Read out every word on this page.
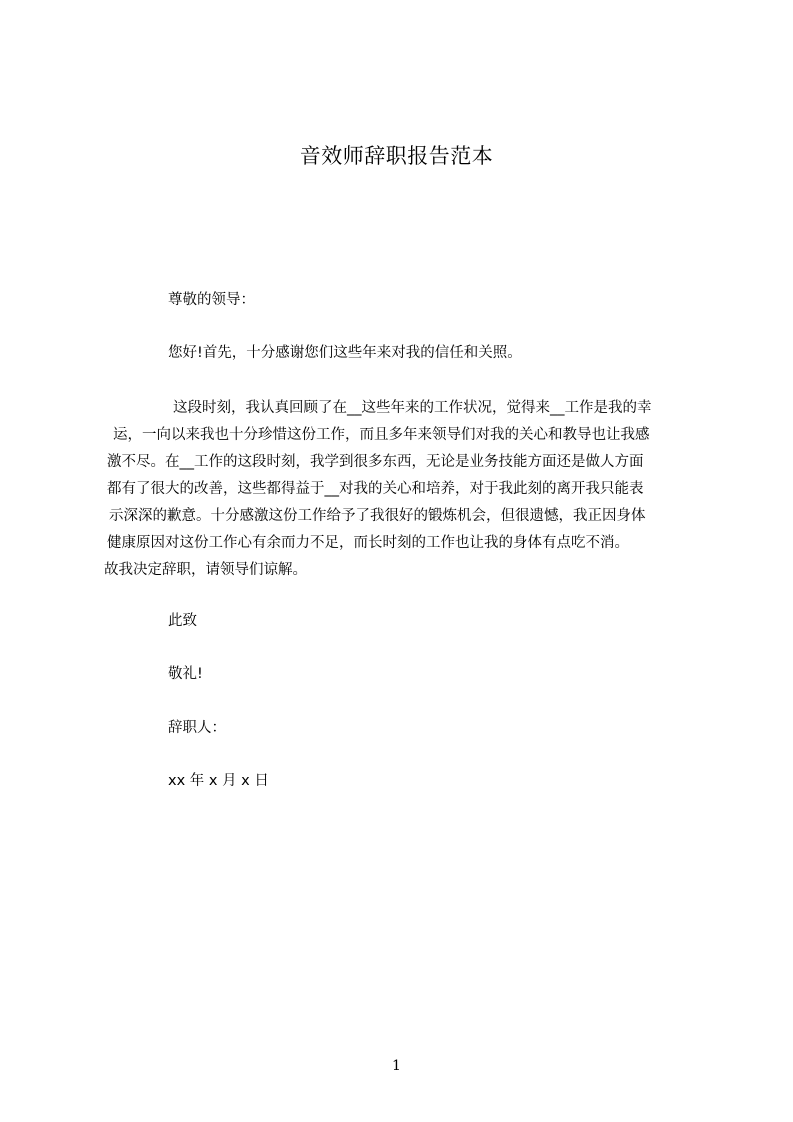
音效师辞职报告范本
尊敬的领导：
您好!首先，十分感谢您们这些年来对我的信任和关照。
这段时刻，我认真回顾了在__这些年来的工作状况，觉得来__工作是我的幸
运，一向以来我也十分珍惜这份工作，而且多年来领导们对我的关心和教导也让我感
激不尽。在__工作的这段时刻，我学到很多东西，无论是业务技能方面还是做人方面
都有了很大的改善，这些都得益于__对我的关心和培养，对于我此刻的离开我只能表
示深深的歉意。十分感激这份工作给予了我很好的锻炼机会，但很遗憾，我正因身体
健康原因对这份工作心有余而力不足，而长时刻的工作也让我的身体有点吃不消。
故我决定辞职，请领导们谅解。
此致
敬礼!
辞职人：
xx 年 x 月 x 日
1
